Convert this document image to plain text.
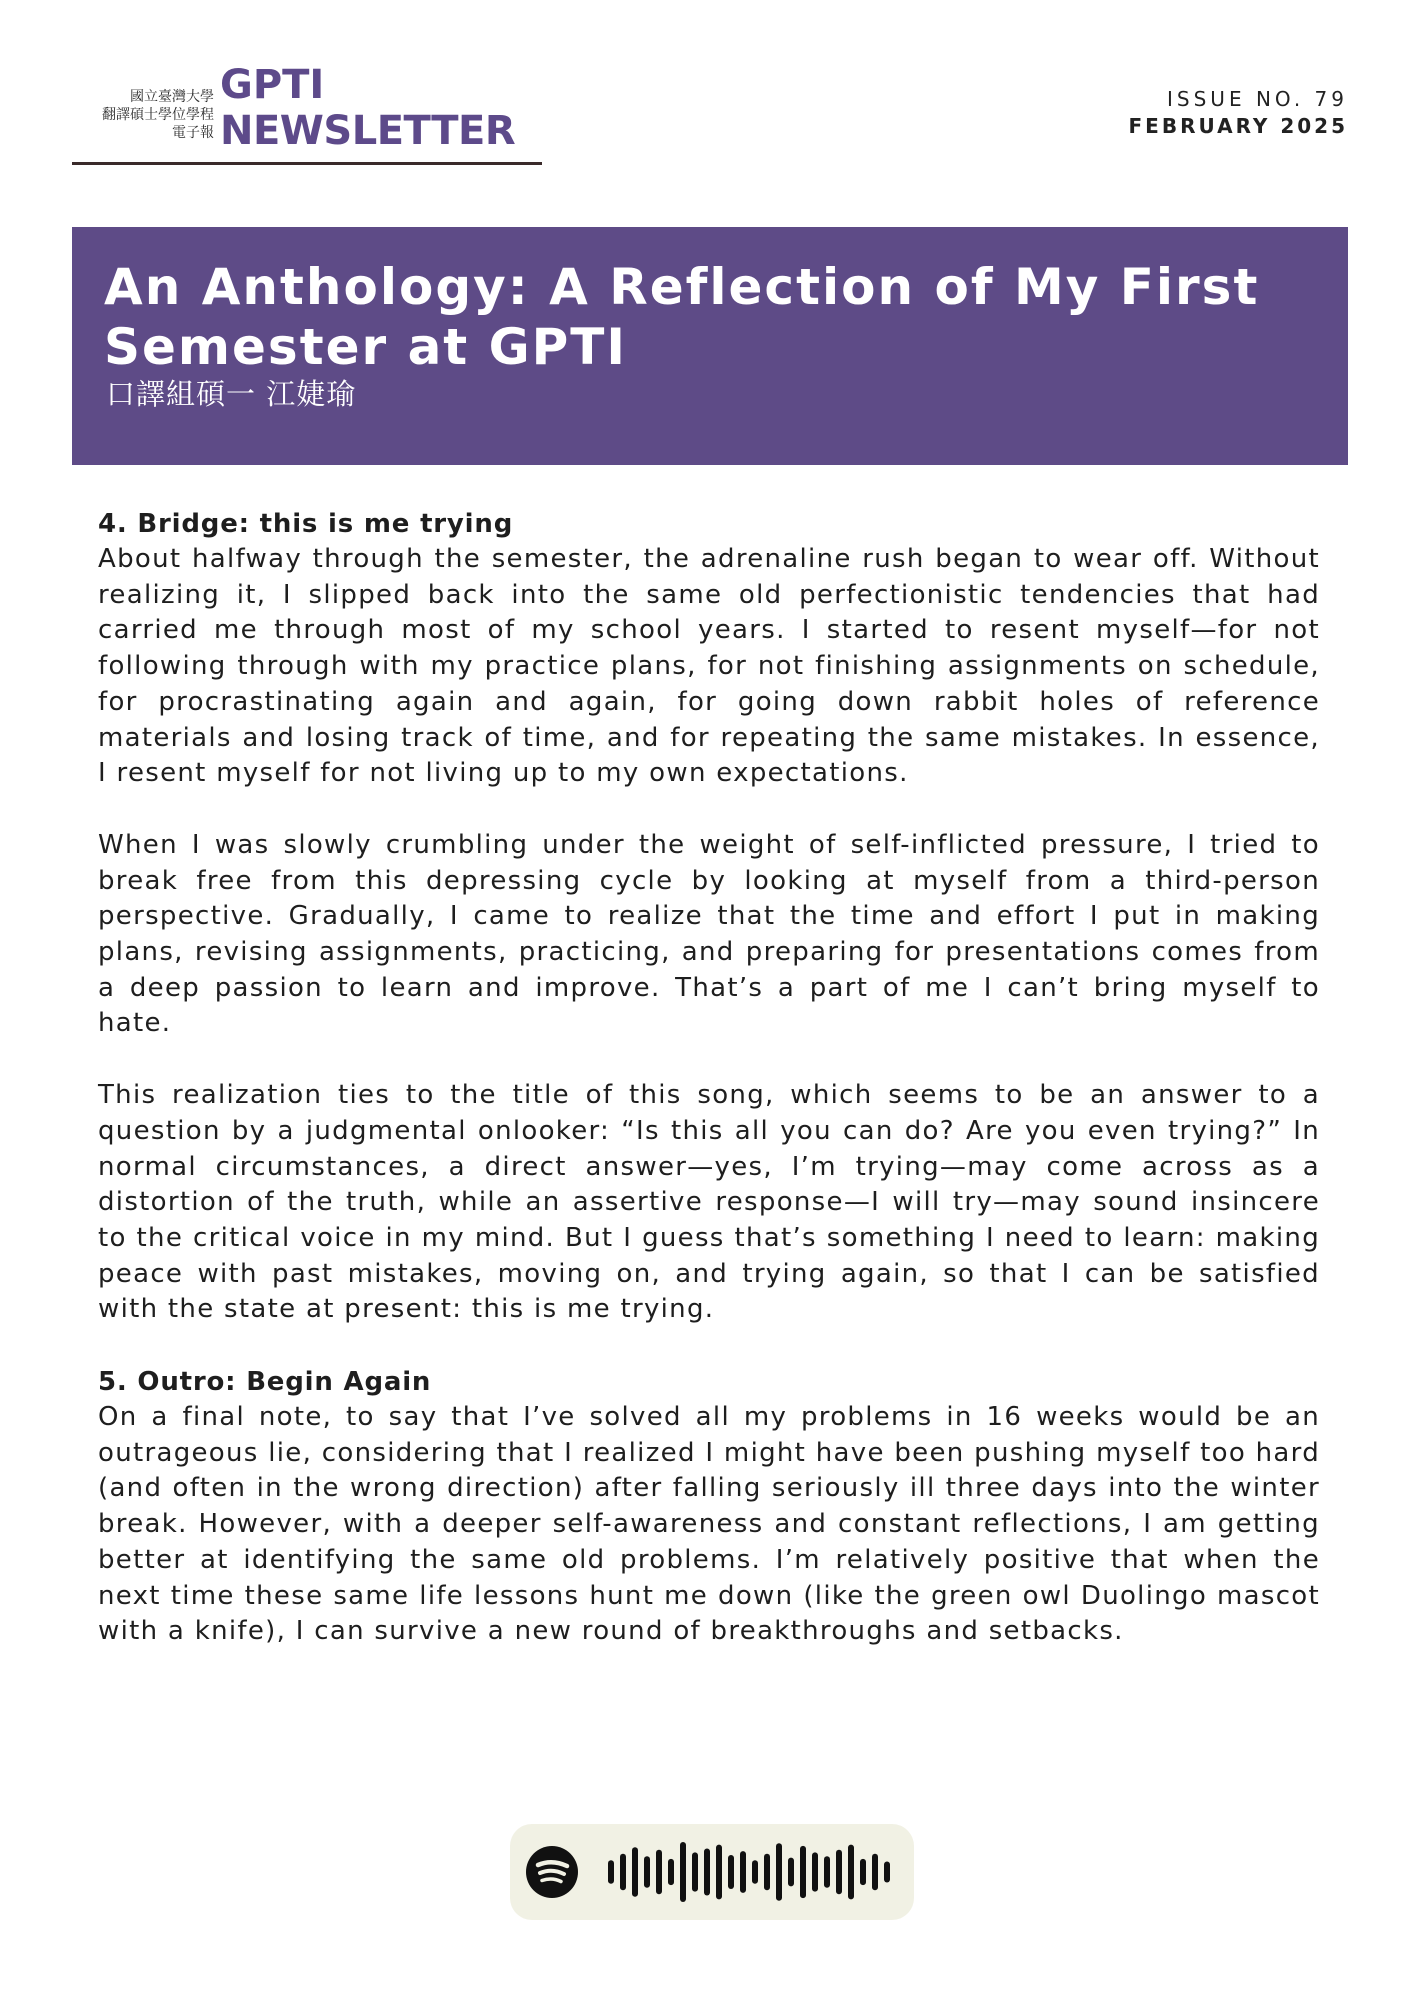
國立臺灣大學
翻譯碩士學位學程
電子報
GPTI
NEWSLETTER
ISSUE NO. 79
FEBRUARY 2025
An Anthology: A Reflection of My First Semester at GPTI
口譯組碩一 江婕瑜
4. Bridge: this is me trying

About halfway through the semester, the adrenaline rush began to wear off. Without realizing it, I slipped back into the same old perfectionistic tendencies that had carried me through most of my school years. I started to resent myself—for not following through with my practice plans, for not finishing assignments on schedule, for procrastinating again and again, for going down rabbit holes of reference materials and losing track of time, and for repeating the same mistakes. In essence, I resent myself for not living up to my own expectations.

When I was slowly crumbling under the weight of self-inflicted pressure, I tried to break free from this depressing cycle by looking at myself from a third-person perspective. Gradually, I came to realize that the time and effort I put in making plans, revising assignments, practicing, and preparing for presentations comes from a deep passion to learn and improve. That’s a part of me I can’t bring myself to hate.

This realization ties to the title of this song, which seems to be an answer to a question by a judgmental onlooker: “Is this all you can do? Are you even trying?” In normal circumstances, a direct answer—yes, I’m trying—may come across as a distortion of the truth, while an assertive response—I will try—may sound insincere to the critical voice in my mind. But I guess that’s something I need to learn: making peace with past mistakes, moving on, and trying again, so that I can be satisfied with the state at present: this is me trying.

5. Outro: Begin Again

On a final note, to say that I’ve solved all my problems in 16 weeks would be an outrageous lie, considering that I realized I might have been pushing myself too hard (and often in the wrong direction) after falling seriously ill three days into the winter break. However, with a deeper self-awareness and constant reflections, I am getting better at identifying the same old problems. I’m relatively positive that when the next time these same life lessons hunt me down (like the green owl Duolingo mascot with a knife), I can survive a new round of breakthroughs and setbacks.
